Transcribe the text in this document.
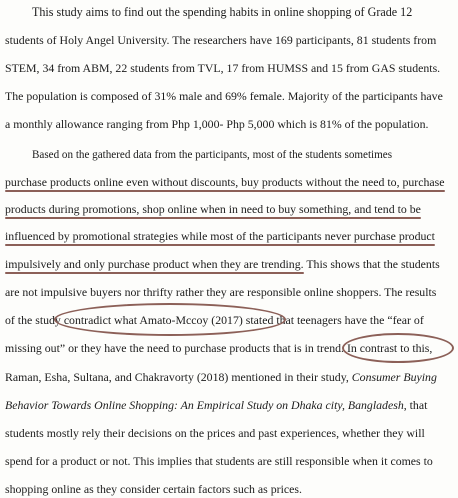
This study aims to find out the spending habits in online shopping of Grade 12
students of Holy Angel University. The researchers have 169 participants, 81 students from
STEM, 34 from ABM, 22 students from TVL, 17 from HUMSS and 15 from GAS students.
The population is composed of 31% male and 69% female. Majority of the participants have
a monthly allowance ranging from Php 1,000- Php 5,000 which is 81% of the population.
Based on the gathered data from the participants, most of the students sometimes
purchase products online even without discounts, buy products without the need to, purchase
products during promotions, shop online when in need to buy something, and tend to be
influenced by promotional strategies while most of the participants never purchase product
impulsively and only purchase product when they are trending. This shows that the students
are not impulsive buyers nor thrifty rather they are responsible online shoppers. The results
of the study contradict what Amato-Mccoy (2017) stated that teenagers have the “fear of
missing out” or they have the need to purchase products that is in trend. In contrast to this,
Raman, Esha, Sultana, and Chakravorty (2018) mentioned in their study, Consumer Buying
Behavior Towards Online Shopping: An Empirical Study on Dhaka city, Bangladesh, that
students mostly rely their decisions on the prices and past experiences, whether they will
spend for a product or not. This implies that students are still responsible when it comes to
shopping online as they consider certain factors such as prices.
